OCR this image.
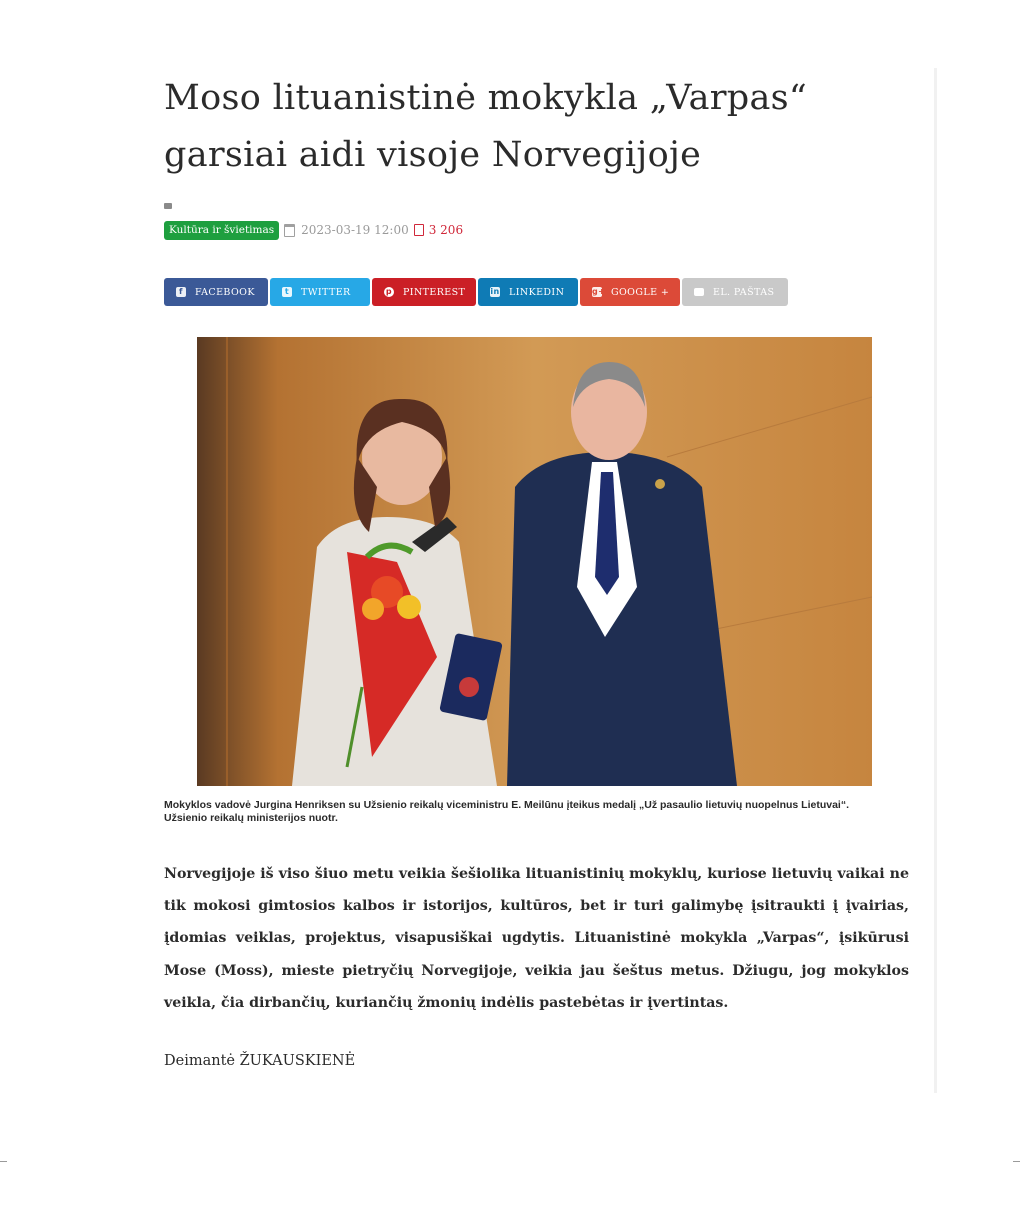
Moso lituanistinė mokykla „Varpas“ garsiai aidi visoje Norvegijoje
Kultūra ir švietimas	2023-03-19 12:00 3 206
f	FACEBOOK	t	TWITTER	p PINTEREST	in LINKEDIN	g+ GOOGLE +	EL. PAŠTAS
Mokyklos vadovė Jurgina Henriksen su Užsienio reikalų viceministru E. Meilūnu įteikus medalį „Už pasaulio lietuvių nuopelnus Lietuvai“. Užsienio reikalų ministerijos nuotr.

Norvegijoje iš viso šiuo metu veikia šešiolika lituanistinių mokyklų, kuriose lietuvių vaikai ne tik mokosi gimtosios kalbos ir istorijos, kultūros, bet ir turi galimybę įsitraukti į įvairias, įdomias veiklas, projektus, visapusiškai ugdytis. Lituanistinė mokykla „Varpas“, įsikūrusi Mose (Moss), mieste pietryčių Norvegijoje, veikia jau šeštus metus. Džiugu, jog mokyklos veikla, čia dirbančių, kuriančių žmonių indėlis pastebėtas ir įvertintas.

Deimantė ŽUKAUSKIENĖ
